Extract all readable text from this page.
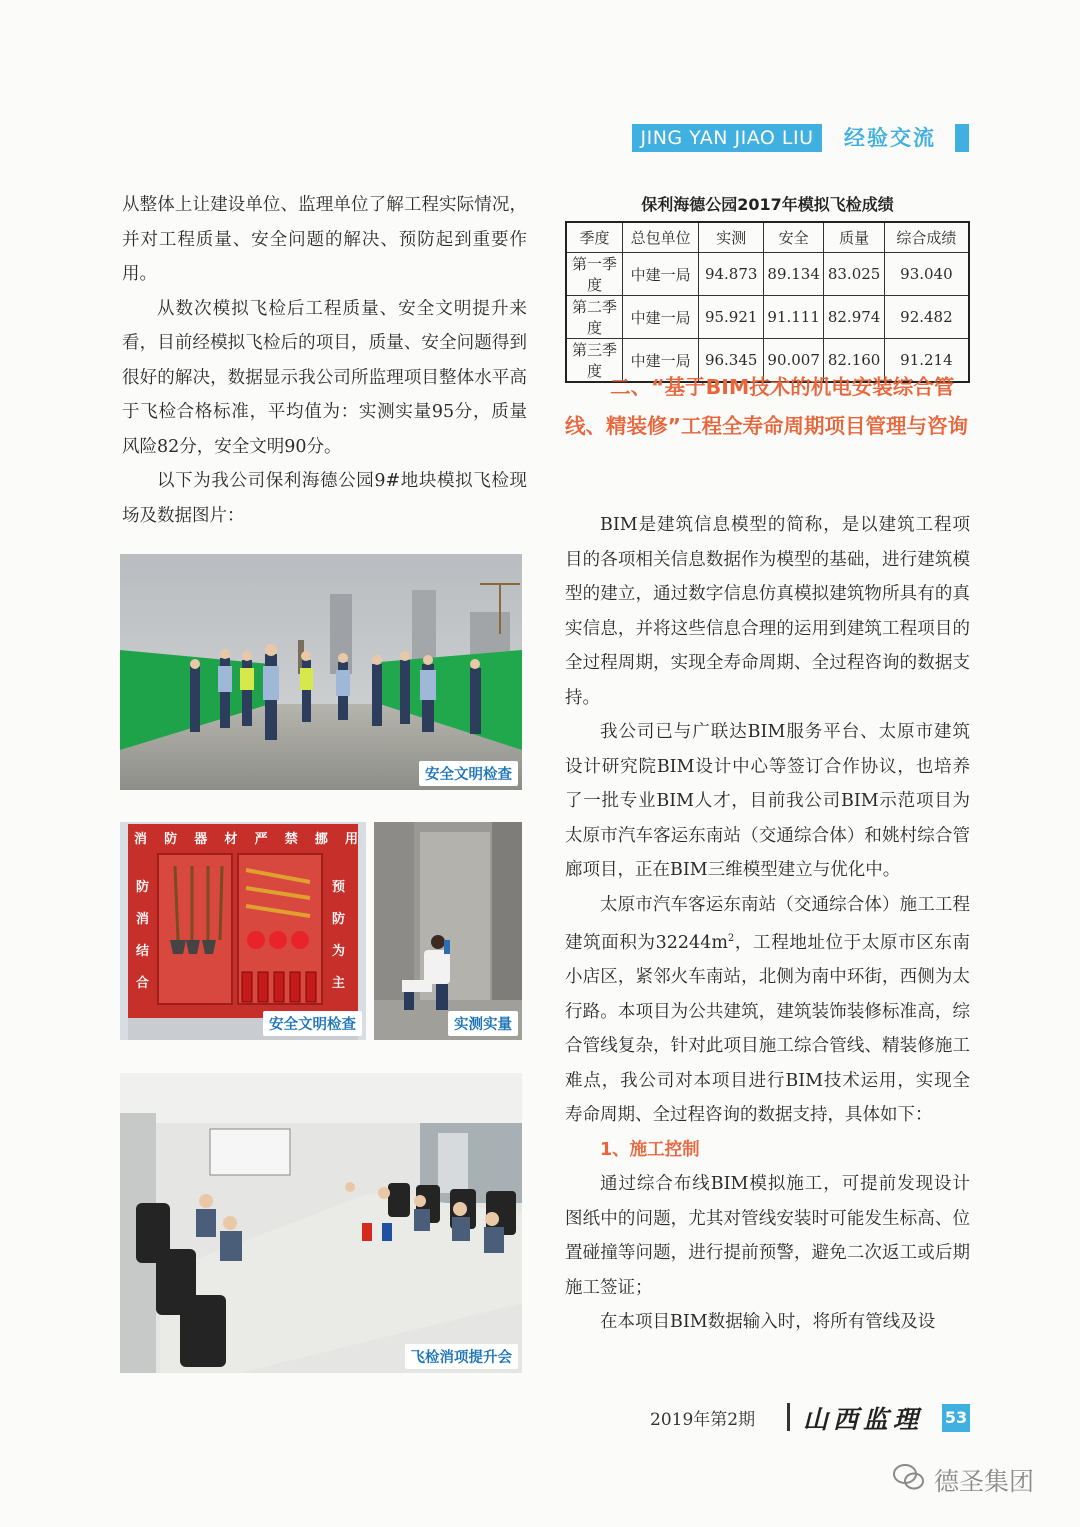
JING YAN JIAO LIU	经验交流

从整体上让建设单位、监理单位了解工程实际情况，并对工程质量、安全问题的解决、预防起到重要作用。

从数次模拟飞检后工程质量、安全文明提升来看，目前经模拟飞检后的项目，质量、安全问题得到很好的解决，数据显示我公司所监理项目整体水平高于飞检合格标准，平均值为：实测实量95分，质量风险82分，安全文明90分。

以下为我公司保利海德公园9#地块模拟飞检现场及数据图片：

安全文明检查
消 防 器 材 严 禁 挪 用
防
消
结
合
预
防
为
主
安全文明检查	实测实量
飞检消项提升会
保利海德公园2017年模拟飞检成绩
季度	总包单位	实测	安全	质量	综合成绩
第一季度	中建一局	94.873	89.134	83.025	93.040
第二季度	中建一局	95.921	91.111	82.974	92.482
第三季度	中建一局	96.345	90.007	82.160	91.214
二、“基于BIM技术的机电安装综合管线、精装修”工程全寿命周期项目管理与咨询

BIM是建筑信息模型的简称，是以建筑工程项目的各项相关信息数据作为模型的基础，进行建筑模型的建立，通过数字信息仿真模拟建筑物所具有的真实信息，并将这些信息合理的运用到建筑工程项目的全过程周期，实现全寿命周期、全过程咨询的数据支持。

我公司已与广联达BIM服务平台、太原市建筑设计研究院BIM设计中心等签订合作协议，也培养了一批专业BIM人才，目前我公司BIM示范项目为太原市汽车客运东南站（交通综合体）和姚村综合管廊项目，正在BIM三维模型建立与优化中。

太原市汽车客运东南站（交通综合体）施工工程建筑面积为$32244m^2$，工程地址位于太原市区东南小店区，紧邻火车南站，北侧为南中环街，西侧为太行路。本项目为公共建筑，建筑装饰装修标准高，综合管线复杂，针对此项目施工综合管线、精装修施工难点，我公司对本项目进行BIM技术运用，实现全寿命周期、全过程咨询的数据支持，具体如下：

1、施工控制

通过综合布线BIM模拟施工，可提前发现设计图纸中的问题，尤其对管线安装时可能发生标高、位置碰撞等问题，进行提前预警，避免二次返工或后期施工签证；

在本项目BIM数据输入时，将所有管线及设

2019年第2期 山西监理 53
德圣集团
